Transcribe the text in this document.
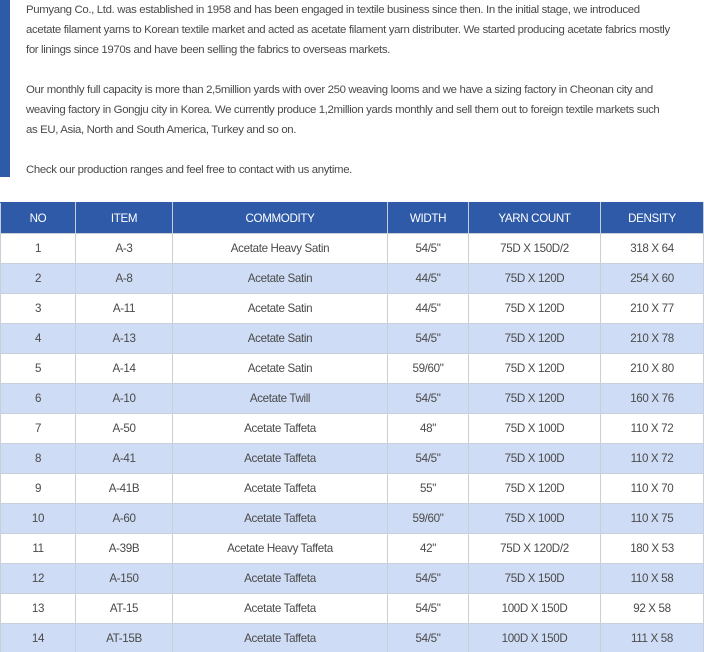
Pumyang Co., Ltd. was established in 1958 and has been engaged in textile business since then. In the initial stage, we introduced

acetate filament yarns to Korean textile market and acted as acetate filament yarn distributer. We started producing acetate fabrics mostly

for linings since 1970s and have been selling the fabrics to overseas markets.

Our monthly full capacity is more than 2,5million yards with over 250 weaving looms and we have a sizing factory in Cheonan city and

weaving factory in Gongju city in Korea. We currently produce 1,2million yards monthly and sell them out to foreign textile markets such

as EU, Asia, North and South America, Turkey and so on.

Check our production ranges and feel free to contact with us anytime.

NO	ITEM	COMMODITY	WIDTH	YARN COUNT	DENSITY
1	A-3	Acetate Heavy Satin	54/5"	75D X 150D/2	318 X 64
2	A-8	Acetate Satin	44/5"	75D X 120D	254 X 60
3	A-11	Acetate Satin	44/5"	75D X 120D	210 X 77
4	A-13	Acetate Satin	54/5"	75D X 120D	210 X 78
5	A-14	Acetate Satin	59/60"	75D X 120D	210 X 80
6	A-10	Acetate Twill	54/5"	75D X 120D	160 X 76
7	A-50	Acetate Taffeta	48"	75D X 100D	110 X 72
8	A-41	Acetate Taffeta	54/5"	75D X 100D	110 X 72
9	A-41B	Acetate Taffeta	55"	75D X 120D	110 X 70
10	A-60	Acetate Taffeta	59/60"	75D X 100D	110 X 75
11	A-39B	Acetate Heavy Taffeta	42"	75D X 120D/2	180 X 53
12	A-150	Acetate Taffeta	54/5"	75D X 150D	110 X 58
13	AT-15	Acetate Taffeta	54/5"	100D X 150D	92 X 58
14	AT-15B	Acetate Taffeta	54/5"	100D X 150D	111 X 58
